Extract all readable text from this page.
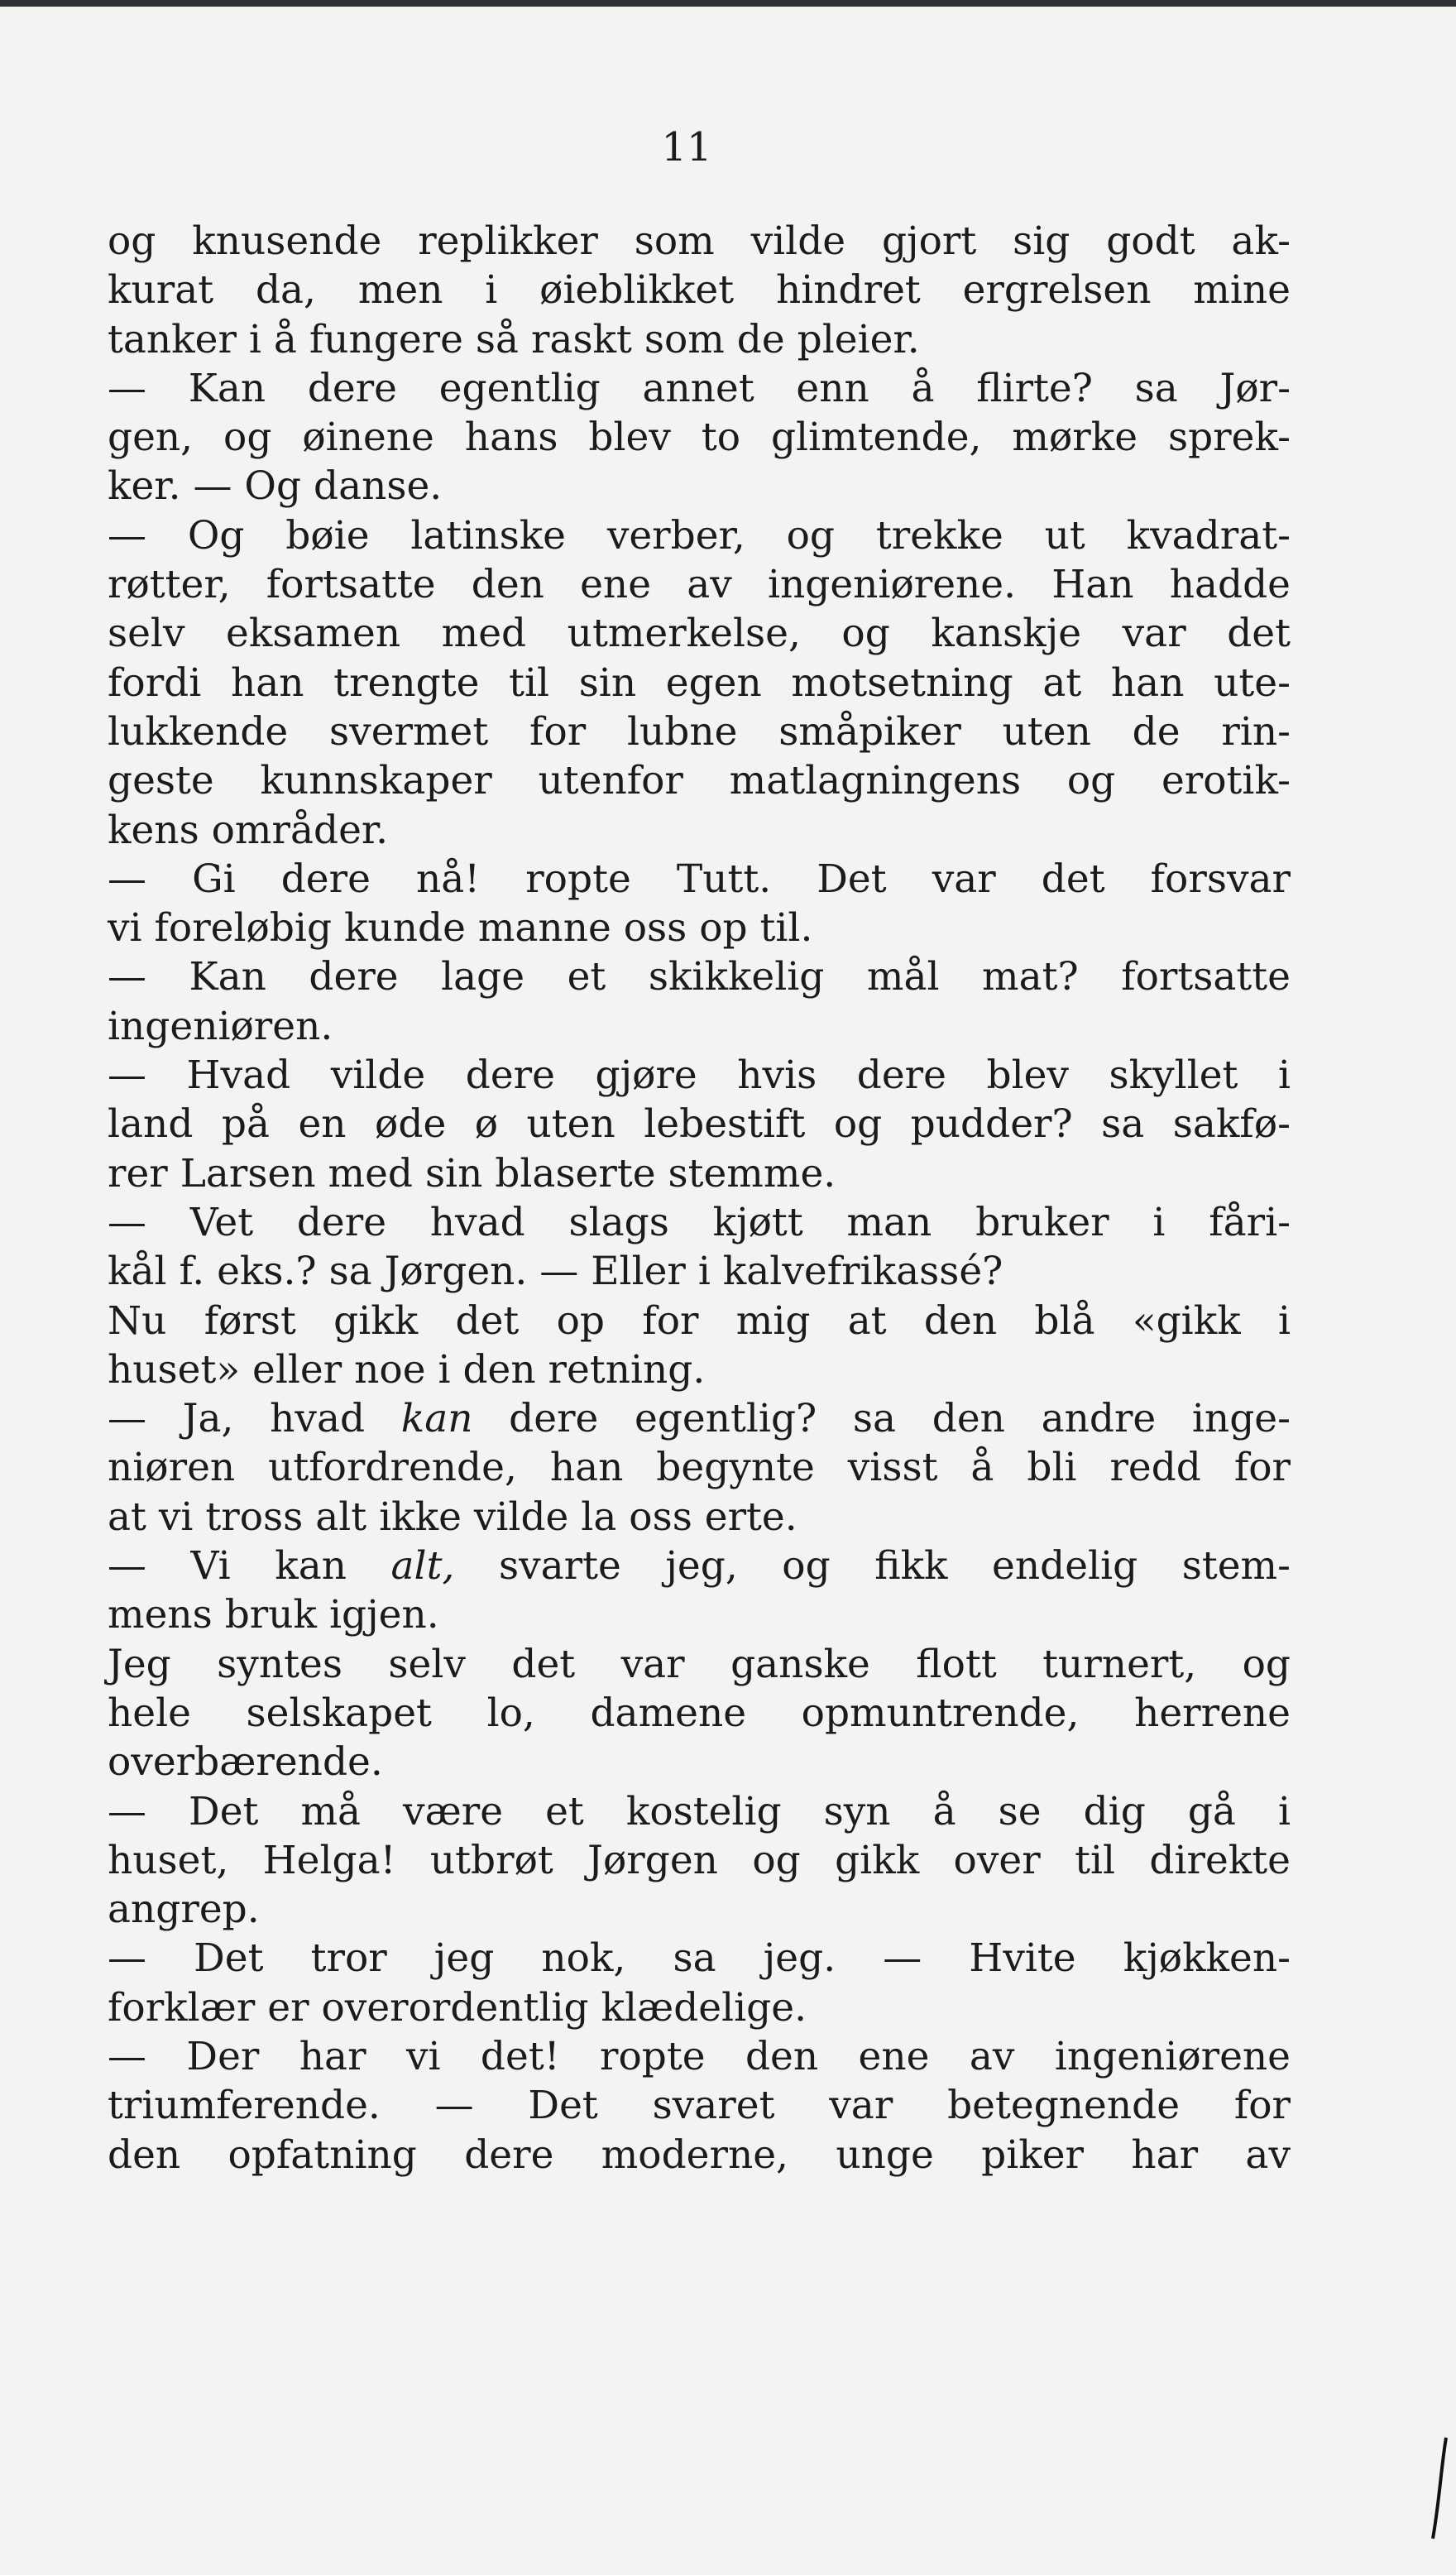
11
og knusende replikker som vilde gjort sig godt ak-
kurat da, men i øieblikket hindret ergrelsen mine
tanker i å fungere så raskt som de pleier.
— Kan dere egentlig annet enn å flirte? sa Jør-
gen, og øinene hans blev to glimtende, mørke sprek-
ker. — Og danse.
— Og bøie latinske verber, og trekke ut kvadrat-
røtter, fortsatte den ene av ingeniørene. Han hadde
selv eksamen med utmerkelse, og kanskje var det
fordi han trengte til sin egen motsetning at han ute-
lukkende svermet for lubne småpiker uten de rin-
geste kunnskaper utenfor matlagningens og erotik-
kens områder.
— Gi dere nå! ropte Tutt. Det var det forsvar
vi foreløbig kunde manne oss op til.
— Kan dere lage et skikkelig mål mat? fortsatte
ingeniøren.
— Hvad vilde dere gjøre hvis dere blev skyllet i
land på en øde ø uten lebestift og pudder? sa sakfø-
rer Larsen med sin blaserte stemme.
— Vet dere hvad slags kjøtt man bruker i fåri-
kål f. eks.? sa Jørgen. — Eller i kalvefrikassé?
Nu først gikk det op for mig at den blå «gikk i
huset» eller noe i den retning.
— Ja, hvad kan dere egentlig? sa den andre inge-
niøren utfordrende, han begynte visst å bli redd for
at vi tross alt ikke vilde la oss erte.
— Vi kan alt, svarte jeg, og fikk endelig stem-
mens bruk igjen.
Jeg syntes selv det var ganske flott turnert, og
hele selskapet lo, damene opmuntrende, herrene
overbærende.
— Det må være et kostelig syn å se dig gå i
huset, Helga! utbrøt Jørgen og gikk over til direkte
angrep.
— Det tror jeg nok, sa jeg. — Hvite kjøkken-
forklær er overordentlig klædelige.
— Der har vi det! ropte den ene av ingeniørene
triumferende. — Det svaret var betegnende for
den opfatning dere moderne, unge piker har av
